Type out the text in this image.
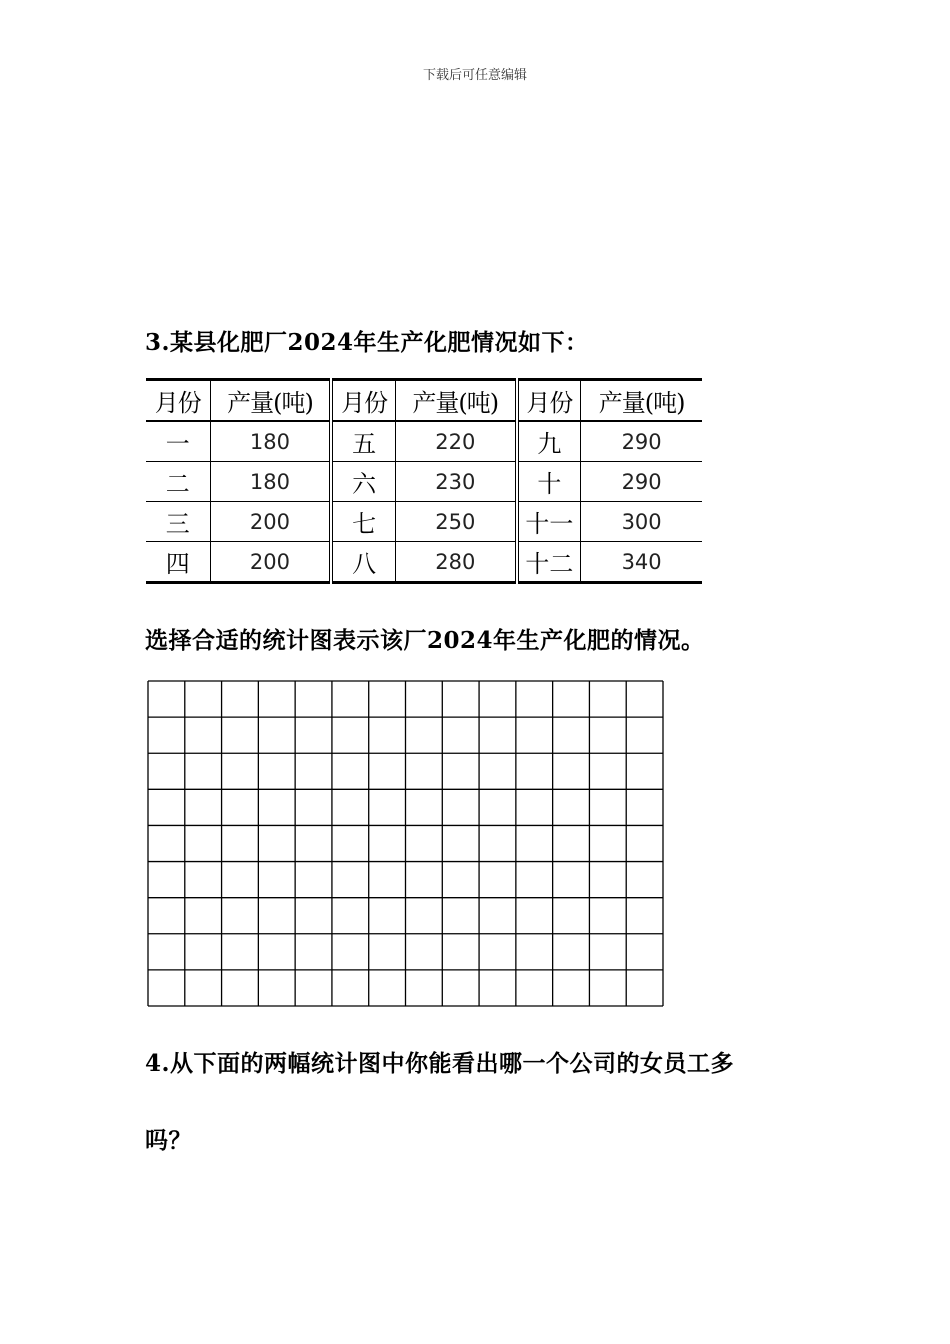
下载后可任意编辑
3.某县化肥厂2024年生产化肥情况如下：
月份	产量(吨)	月份	产量(吨)	月份	产量(吨)
一	180	五	220	九	290
二	180	六	230	十	290
三	200	七	250	十一	300
四	200	八	280	十二	340
选择合适的统计图表示该厂2024年生产化肥的情况。
4.从下面的两幅统计图中你能看出哪一个公司的女员工多
吗？
